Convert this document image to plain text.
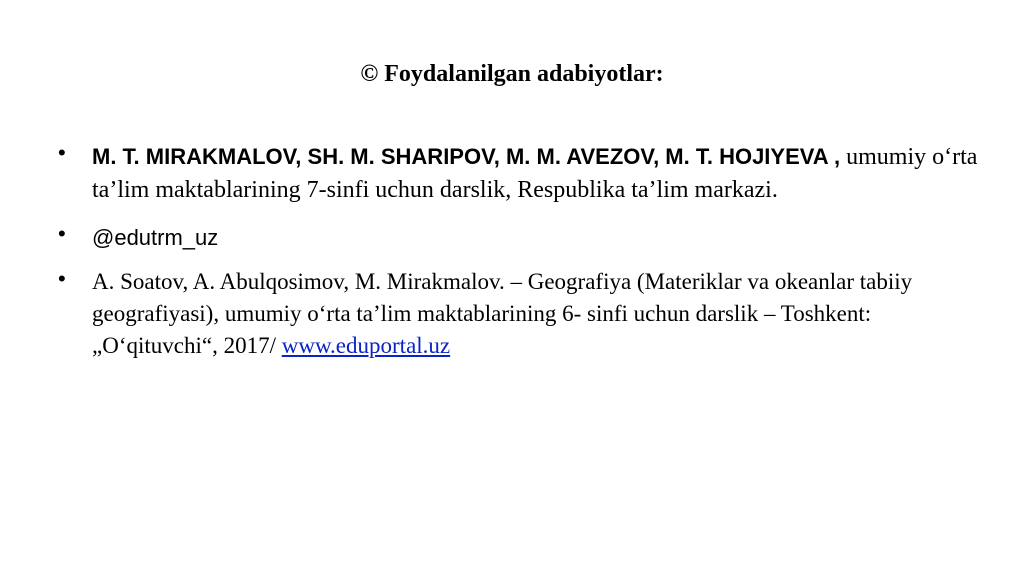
© Foydalanilgan adabiyotlar:
• M. T. MIRAKMALOV, SH. M. SHARIPOV, M. M. AVEZOV, M. T. HOJIYEVA , umumiy o‘rta ta’lim maktablarining 7-sinfi uchun darslik, Respublika ta’lim markazi.
• @edutrm_uz
• A. Soatov, A. Abulqosimov, M. Mirakmalov. – Geografiya (Materiklar va okeanlar tabiiy geografiyasi), umumiy o‘rta ta’lim maktablarining 6- sinfi uchun darslik – Toshkent: „O‘qituvchi“, 2017/ www.eduportal.uz
